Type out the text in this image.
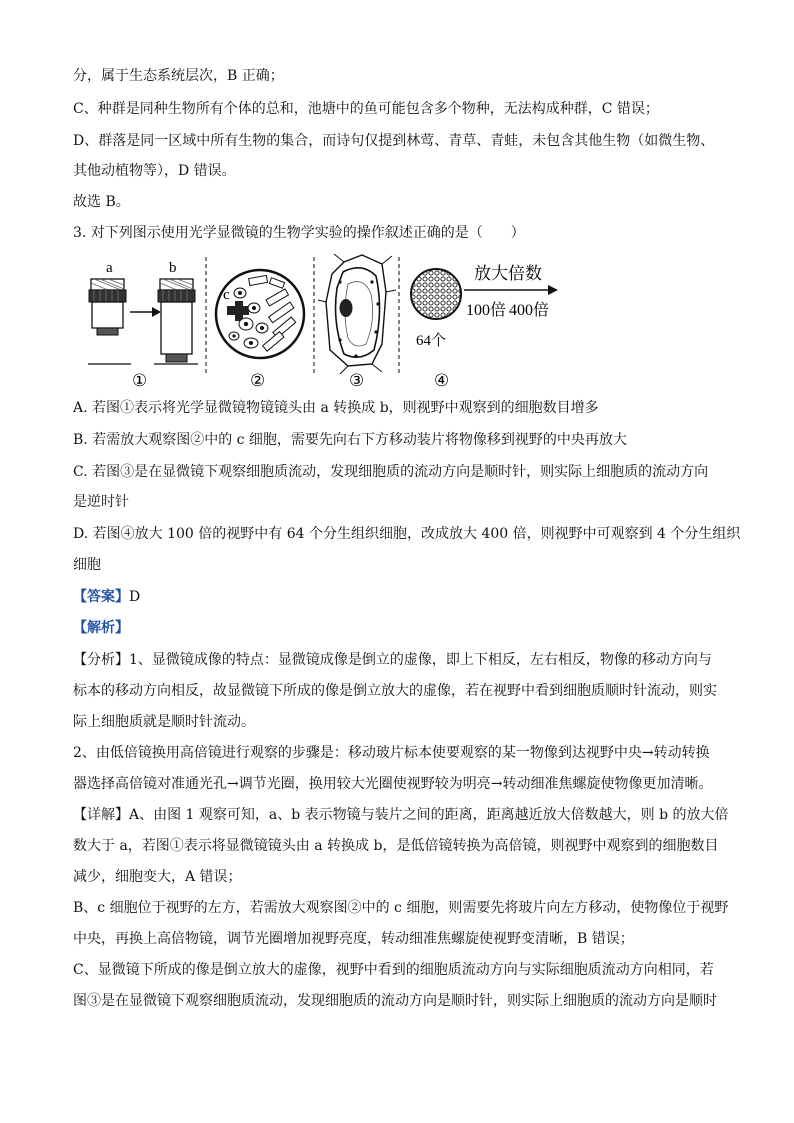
分，属于生态系统层次，B 正确；
C、种群是同种生物所有个体的总和，池塘中的鱼可能包含多个物种，无法构成种群，C 错误；
D、群落是同一区域中所有生物的集合，而诗句仅提到林莺、青草、青蛙，未包含其他生物（如微生物、
其他动植物等），D 错误。
故选 B。
3. 对下列图示使用光学显微镜的生物学实验的操作叙述正确的是（　　）
a	b
①
c
②	③
64个
放大倍数
100倍 400倍
④
A. 若图①表示将光学显微镜物镜镜头由 a 转换成 b，则视野中观察到的细胞数目增多
B. 若需放大观察图②中的 c 细胞，需要先向右下方移动装片将物像移到视野的中央再放大
C. 若图③是在显微镜下观察细胞质流动，发现细胞质的流动方向是顺时针，则实际上细胞质的流动方向
是逆时针
D. 若图④放大 100 倍的视野中有 64 个分生组织细胞，改成放大 400 倍，则视野中可观察到 4 个分生组织
细胞
【答案】D
【解析】
【分析】1、显微镜成像的特点：显微镜成像是倒立的虚像，即上下相反，左右相反，物像的移动方向与
标本的移动方向相反，故显微镜下所成的像是倒立放大的虚像，若在视野中看到细胞质顺时针流动，则实
际上细胞质就是顺时针流动。
2、由低倍镜换用高倍镜进行观察的步骤是：移动玻片标本使要观察的某一物像到达视野中央→转动转换
器选择高倍镜对准通光孔→调节光圈，换用较大光圈使视野较为明亮→转动细准焦螺旋使物像更加清晰。
【详解】A、由图 1 观察可知，a、b 表示物镜与装片之间的距离，距离越近放大倍数越大，则 b 的放大倍
数大于 a，若图①表示将显微镜镜头由 a 转换成 b，是低倍镜转换为高倍镜，则视野中观察到的细胞数目
减少，细胞变大，A 错误；
B、c 细胞位于视野的左方，若需放大观察图②中的 c 细胞，则需要先将玻片向左方移动，使物像位于视野
中央，再换上高倍物镜，调节光圈增加视野亮度，转动细准焦螺旋使视野变清晰，B 错误；
C、显微镜下所成的像是倒立放大的虚像，视野中看到的细胞质流动方向与实际细胞质流动方向相同，若
图③是在显微镜下观察细胞质流动，发现细胞质的流动方向是顺时针，则实际上细胞质的流动方向是顺时
